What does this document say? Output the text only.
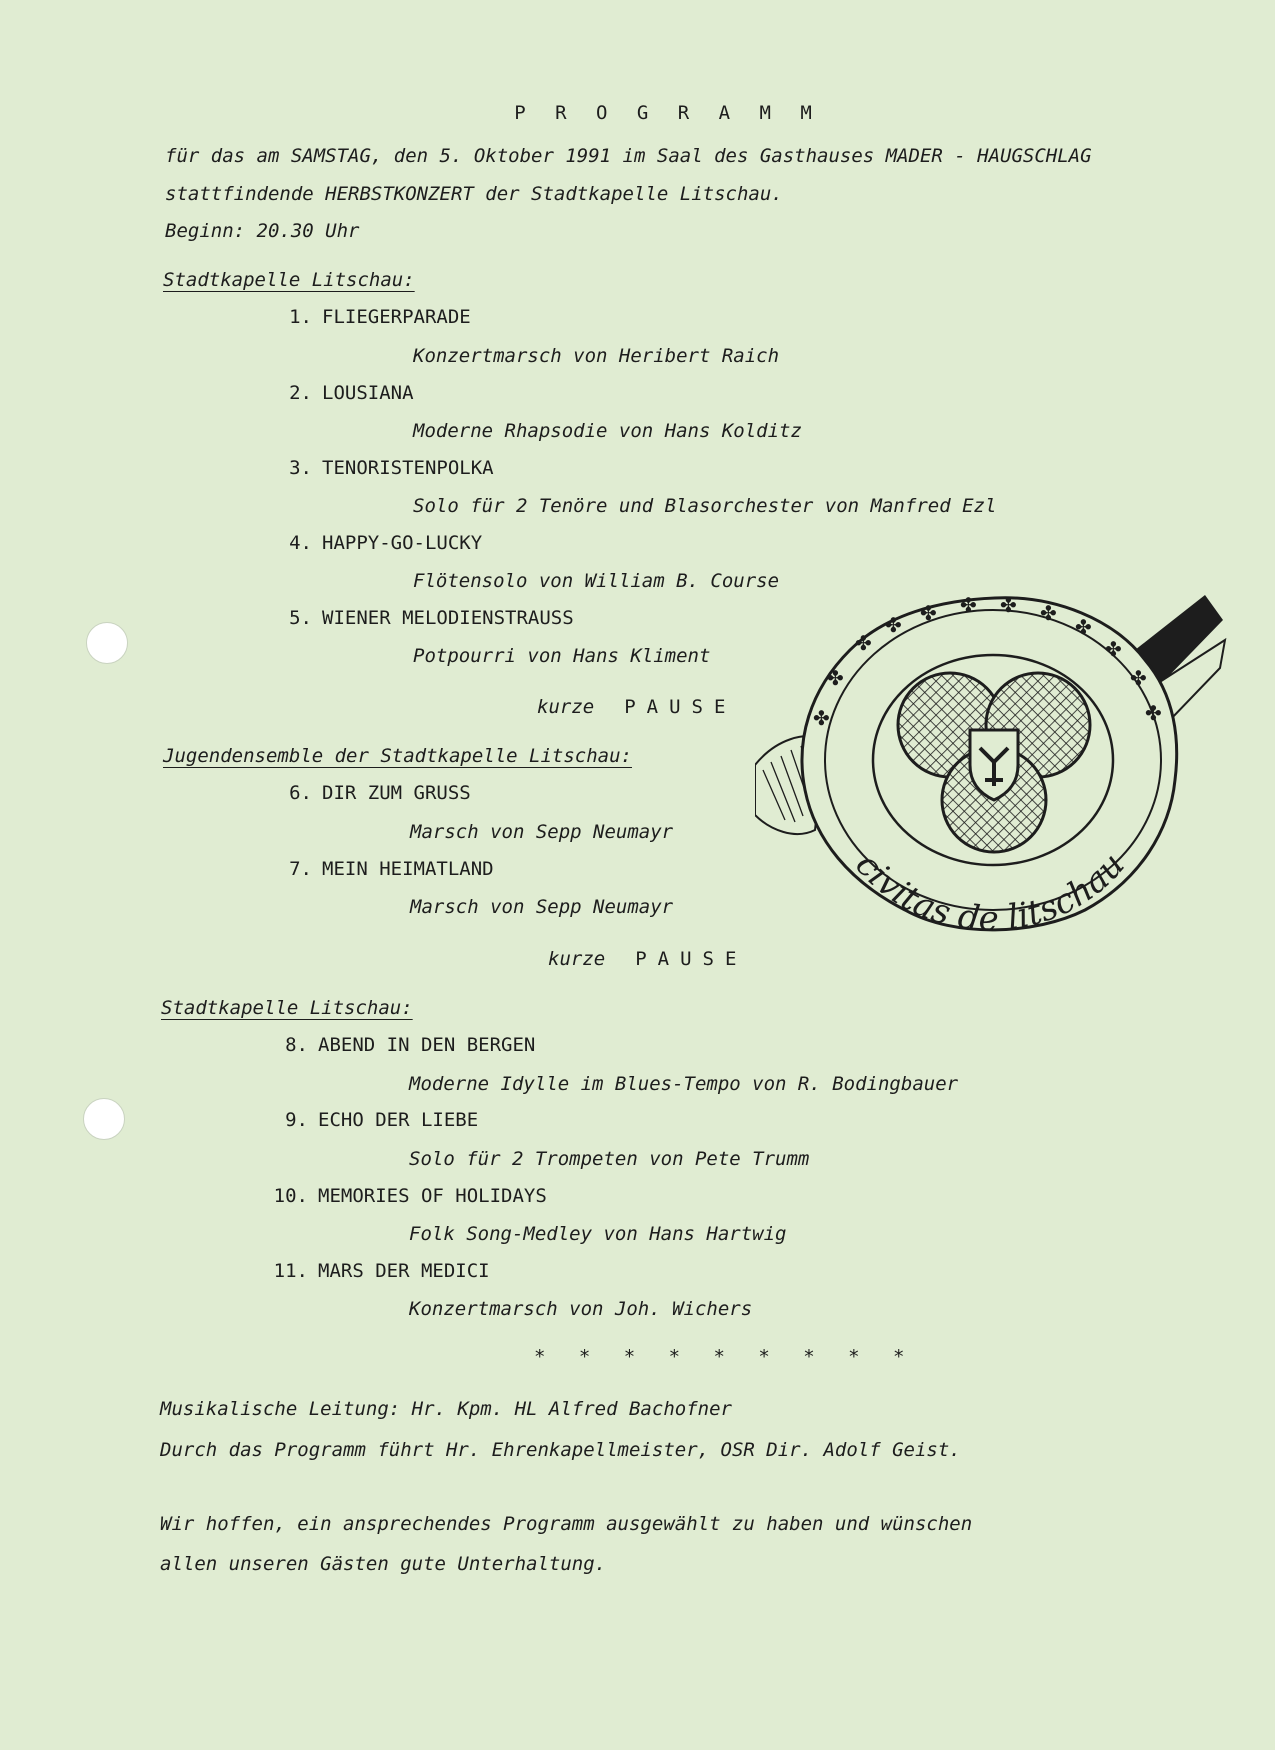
P R O G R A M M
für das am SAMSTAG, den 5. Oktober 1991 im Saal des Gasthauses MADER - HAUGSCHLAG
stattfindende HERBSTKONZERT der Stadtkapelle Litschau.
Beginn: 20.30 Uhr
Stadtkapelle Litschau:
1. FLIEGERPARADE
Konzertmarsch von Heribert Raich
2. LOUSIANA
Moderne Rhapsodie von Hans Kolditz
3. TENORISTENPOLKA
Solo für 2 Tenöre und Blasorchester von Manfred Ezl
4. HAPPY-GO-LUCKY
Flötensolo von William B. Course
5. WIENER MELODIENSTRAUSS
Potpourri von Hans Kliment
kurze PAUSE
Jugendensemble der Stadtkapelle Litschau:
6. DIR ZUM GRUSS
Marsch von Sepp Neumayr
7. MEIN HEIMATLAND
Marsch von Sepp Neumayr
kurze PAUSE
Stadtkapelle Litschau:
8. ABEND IN DEN BERGEN
Moderne Idylle im Blues-Tempo von R. Bodingbauer
9. ECHO DER LIEBE
Solo für 2 Trompeten von Pete Trumm
10. MEMORIES OF HOLIDAYS
Folk Song-Medley von Hans Hartwig
11. MARS DER MEDICI
Konzertmarsch von Joh. Wichers
* * * * * * * * *
Musikalische Leitung: Hr. Kpm. HL Alfred Bachofner
Durch das Programm führt Hr. Ehrenkapellmeister, OSR Dir. Adolf Geist.
Wir hoffen, ein ansprechendes Programm ausgewählt zu haben und wünschen
allen unseren Gästen gute Unterhaltung.
✤
✤ ✤ ✤ ✤ ✤
✤
✤
✤
✤
✤
✤
civitas de litschau
